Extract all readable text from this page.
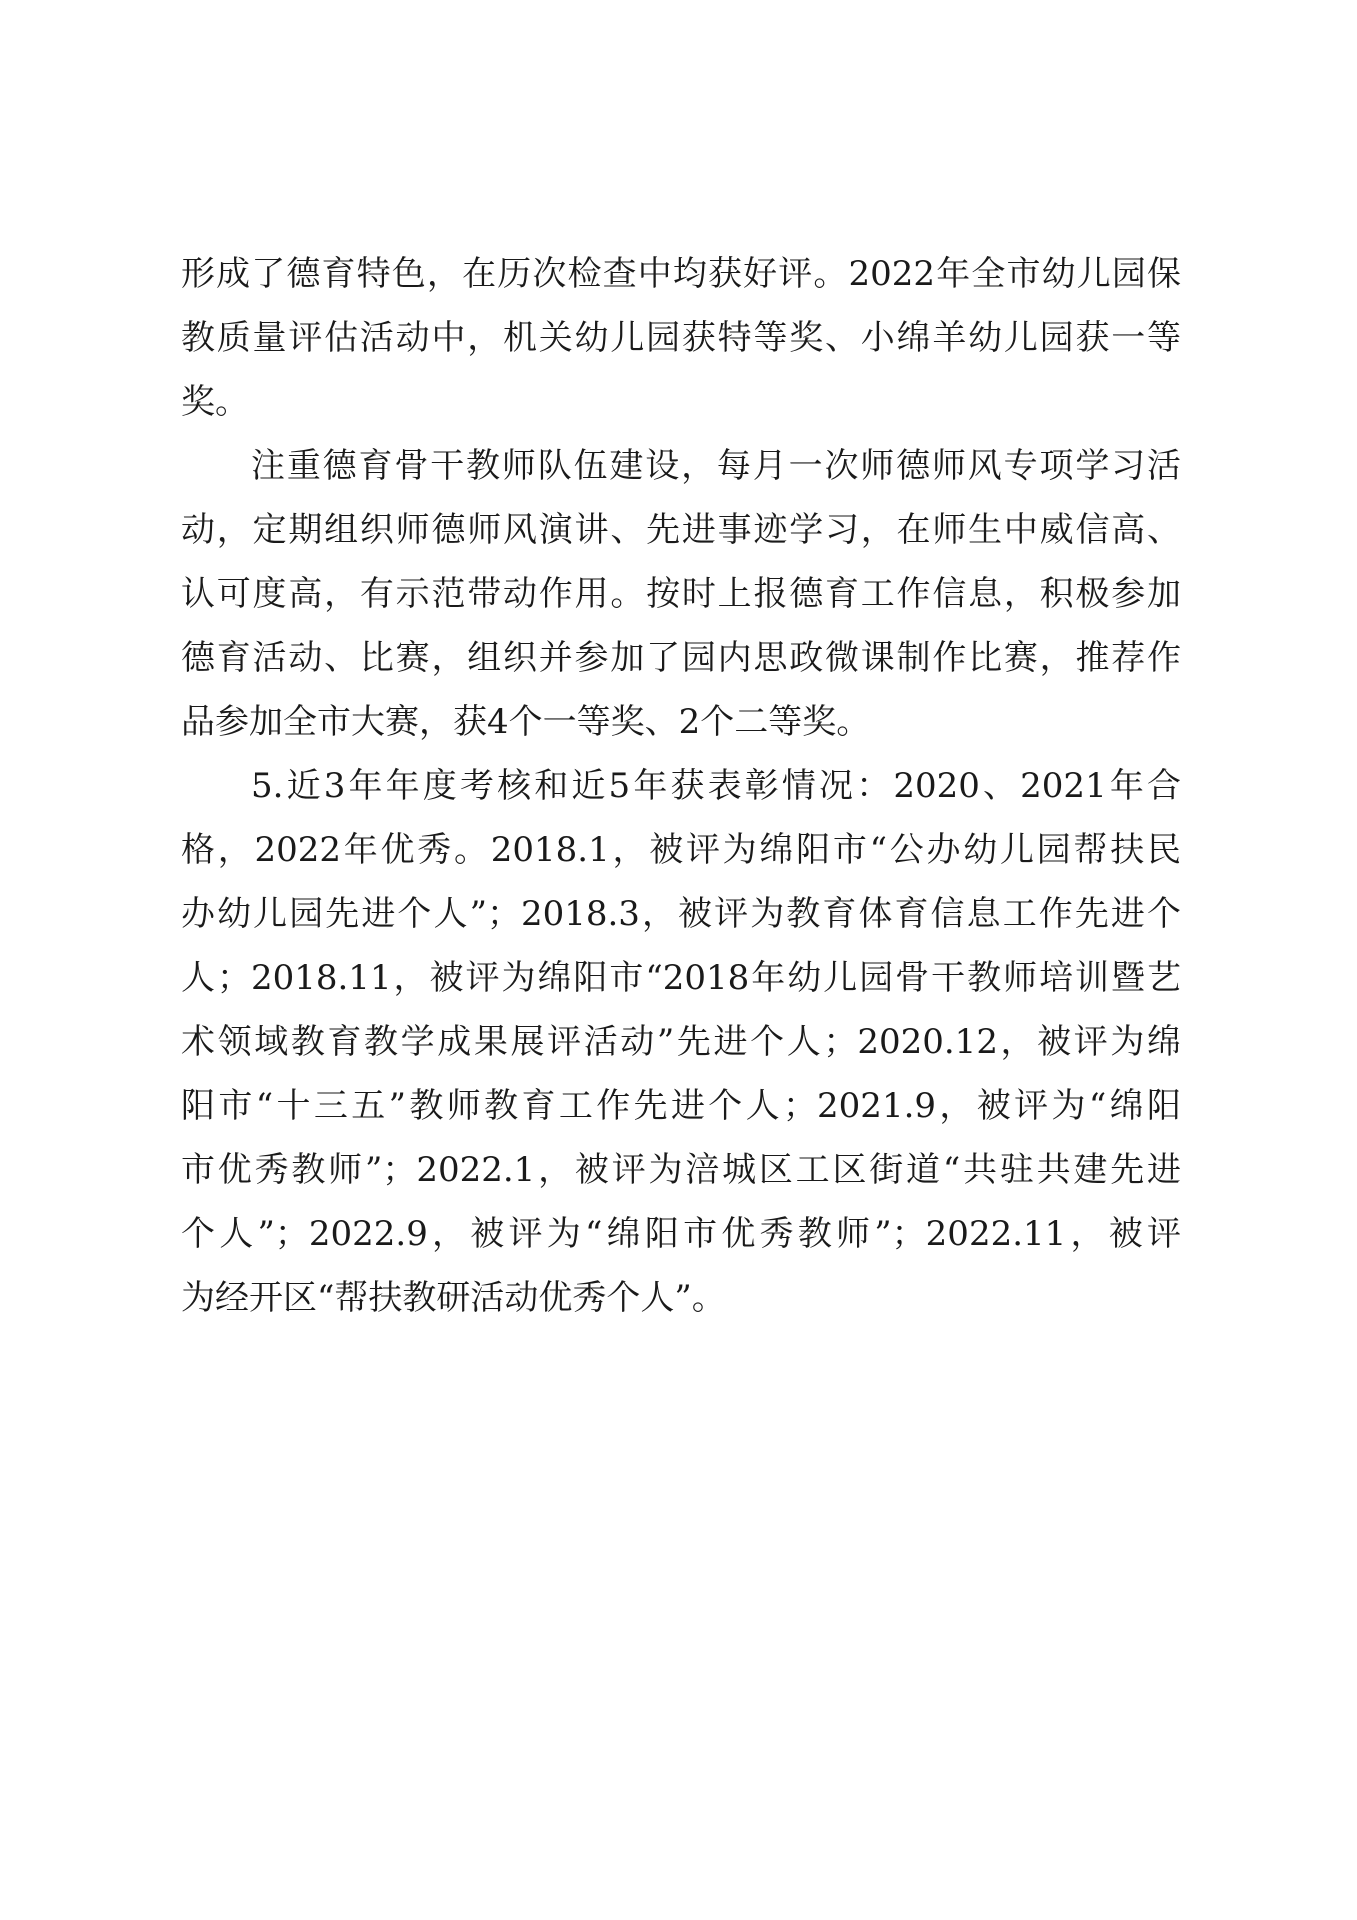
形成了德育特色，在历次检查中均获好评。2022年全市幼儿园保
教质量评估活动中，机关幼儿园获特等奖、小绵羊幼儿园获一等
奖。
注重德育骨干教师队伍建设，每月一次师德师风专项学习活
动，定期组织师德师风演讲、先进事迹学习，在师生中威信高、
认可度高，有示范带动作用。按时上报德育工作信息，积极参加
德育活动、比赛，组织并参加了园内思政微课制作比赛，推荐作
品参加全市大赛，获4个一等奖、2个二等奖。
5.近3年年度考核和近5年获表彰情况：2020、2021年合
格，2022年优秀。2018.1，被评为绵阳市“公办幼儿园帮扶民
办幼儿园先进个人”；2018.3，被评为教育体育信息工作先进个
人；2018.11，被评为绵阳市“2018年幼儿园骨干教师培训暨艺
术领域教育教学成果展评活动”先进个人；2020.12，被评为绵
阳市“十三五”教师教育工作先进个人；2021.9，被评为“绵阳
市优秀教师”；2022.1，被评为涪城区工区街道“共驻共建先进
个人”；2022.9，被评为“绵阳市优秀教师”；2022.11，被评
为经开区“帮扶教研活动优秀个人”。
